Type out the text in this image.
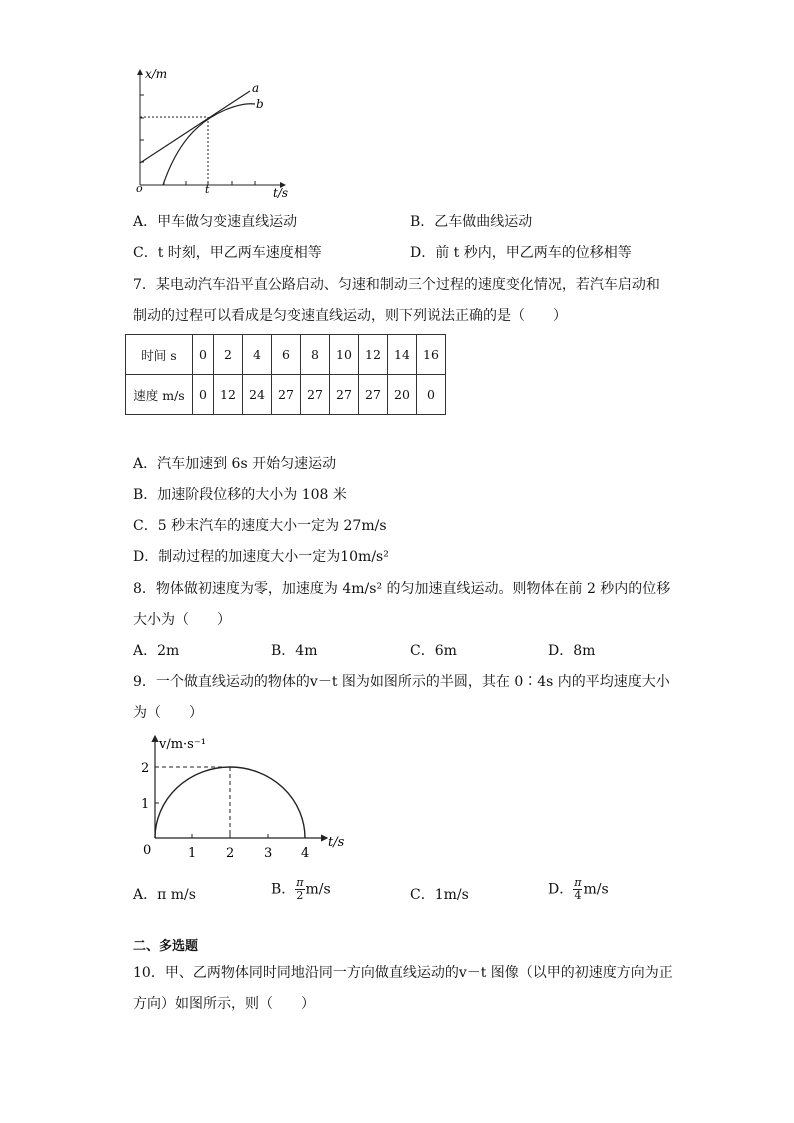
x/m
t/s
o	t
a
b
A．甲车做匀变速直线运动	B．乙车做曲线运动
C．t 时刻，甲乙两车速度相等	D．前 t 秒内，甲乙两车的位移相等
7．某电动汽车沿平直公路启动、匀速和制动三个过程的速度变化情况，若汽车启动和
制动的过程可以看成是匀变速直线运动，则下列说法正确的是（　　）
时间 s	0	2	4	6	8	10	12	14	16
速度 m/s	0	12	24	27	27	27	27	20	0
A．汽车加速到 6s 开始匀速运动
B．加速阶段位移的大小为 108 米
C．5 秒末汽车的速度大小一定为 27m/s
D．制动过程的加速度大小一定为10m/s²
8．物体做初速度为零，加速度为 4m/s² 的匀加速直线运动。则物体在前 2 秒内的位移
大小为（　　）
A．2m	B．4m	C．6m	D．8m
9．一个做直线运动的物体的v－t 图为如图所示的半圆，其在 0∶4s 内的平均速度大小
为（　　）
v/m·s⁻¹
t/s
0	1 2 3 4
1
2
A．π m/s	B． $\frac{\pi}{2} m/s$	C．1m/s	D． $\frac{\pi}{4} m/s$
二、多选题
10．甲、乙两物体同时同地沿同一方向做直线运动的v－t 图像（以甲的初速度方向为正
方向）如图所示，则（　　）
